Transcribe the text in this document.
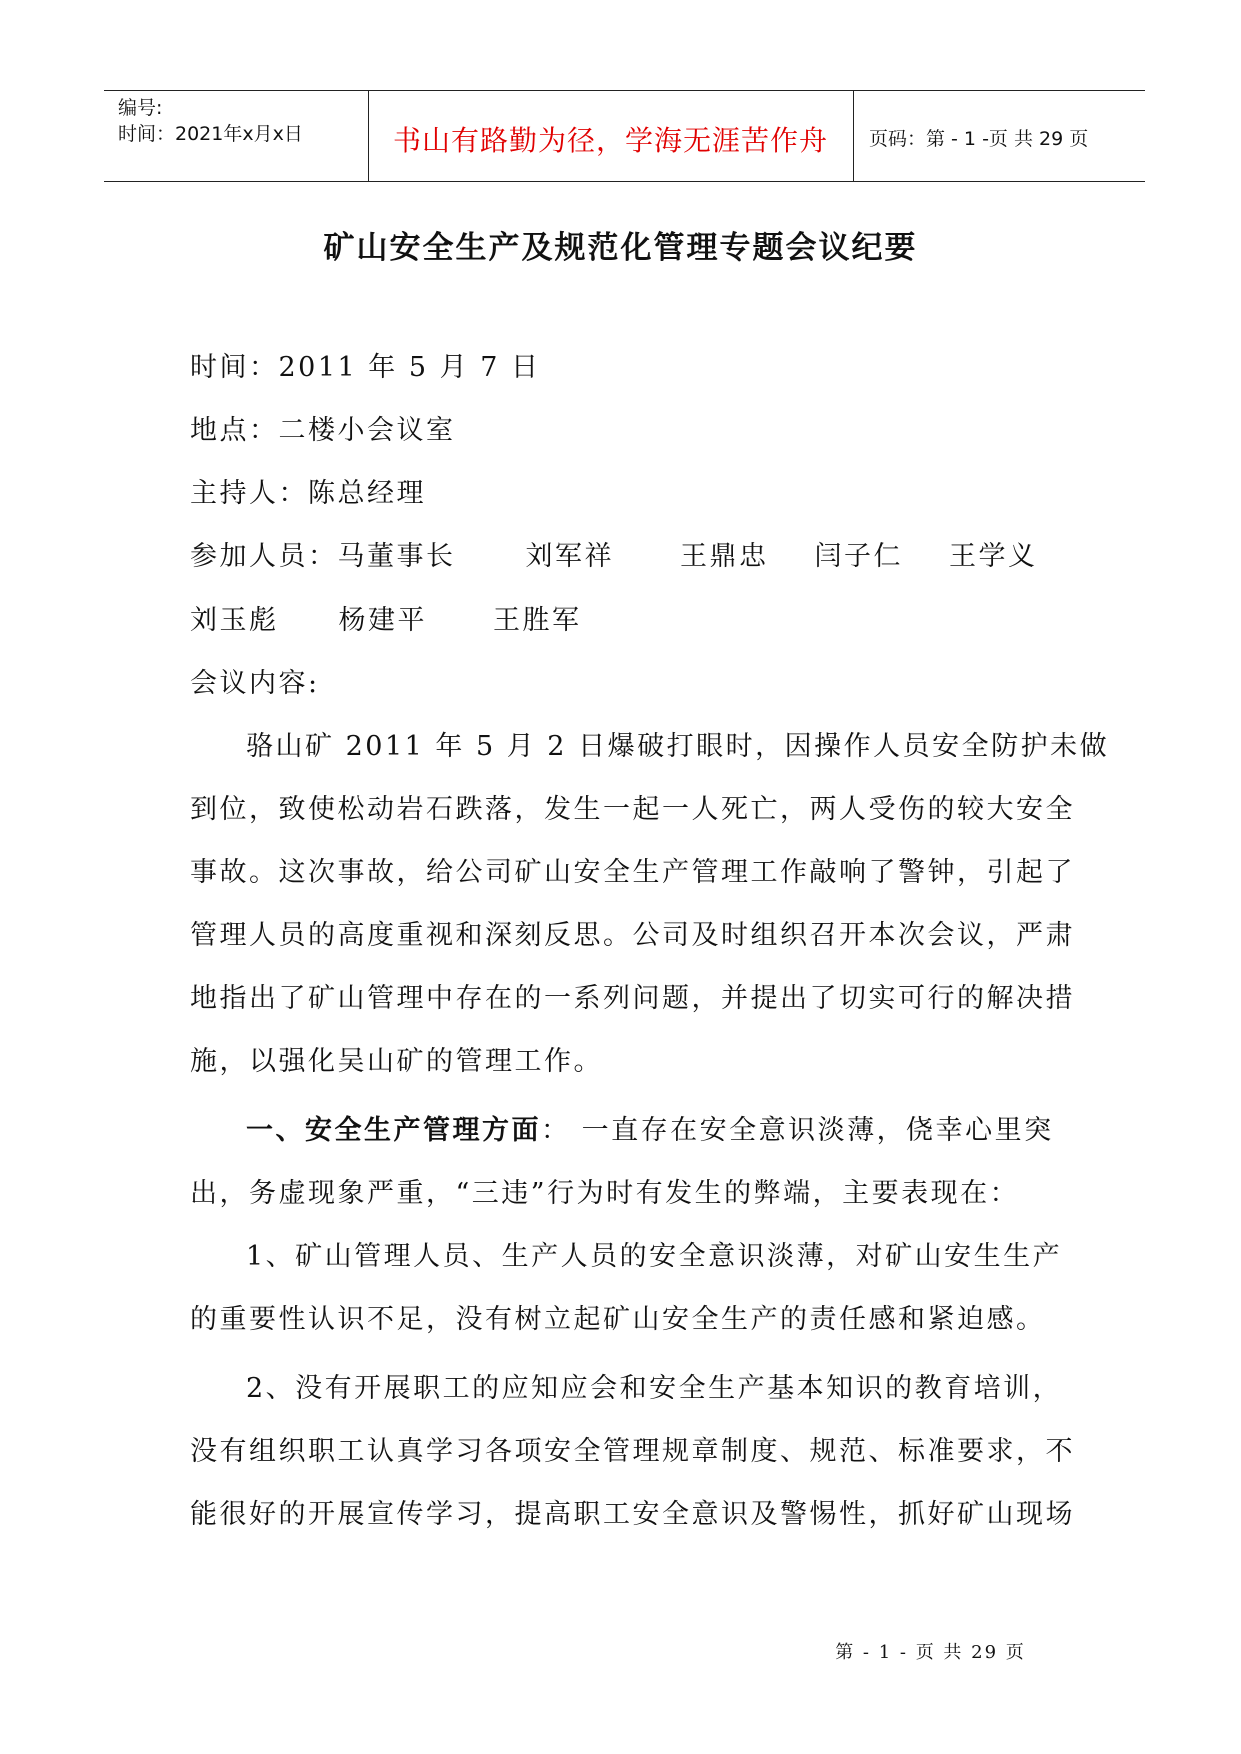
编号:
时间：2021年x月x日	书山有路勤为径，学海无涯苦作舟	页码：第 - 1 -页 共 29 页
矿山安全生产及规范化管理专题会议纪要
时间：2011 年 5 月 7 日
地点：二楼小会议室
主持人：陈总经理
参加人员：马董事长	刘军祥 王鼎忠 闫子仁 王学义
刘玉彪 杨建平 王胜军
会议内容:
骆山矿 2011 年 5 月 2 日爆破打眼时，因操作人员安全防护未做
到位，致使松动岩石跌落，发生一起一人死亡，两人受伤的较大安全
事故。这次事故，给公司矿山安全生产管理工作敲响了警钟，引起了
管理人员的高度重视和深刻反思。公司及时组织召开本次会议，严肃
地指出了矿山管理中存在的一系列问题，并提出了切实可行的解决措
施，以强化吴山矿的管理工作。
一、安全生产管理方面： 一直存在安全意识淡薄，侥幸心里突
出，务虚现象严重，“三违”行为时有发生的弊端，主要表现在：
1、矿山管理人员、生产人员的安全意识淡薄，对矿山安生生产
的重要性认识不足，没有树立起矿山安全生产的责任感和紧迫感。
2、没有开展职工的应知应会和安全生产基本知识的教育培训，
没有组织职工认真学习各项安全管理规章制度、规范、标准要求，不
能很好的开展宣传学习，提高职工安全意识及警惕性，抓好矿山现场
第 - 1 - 页 共 29 页
